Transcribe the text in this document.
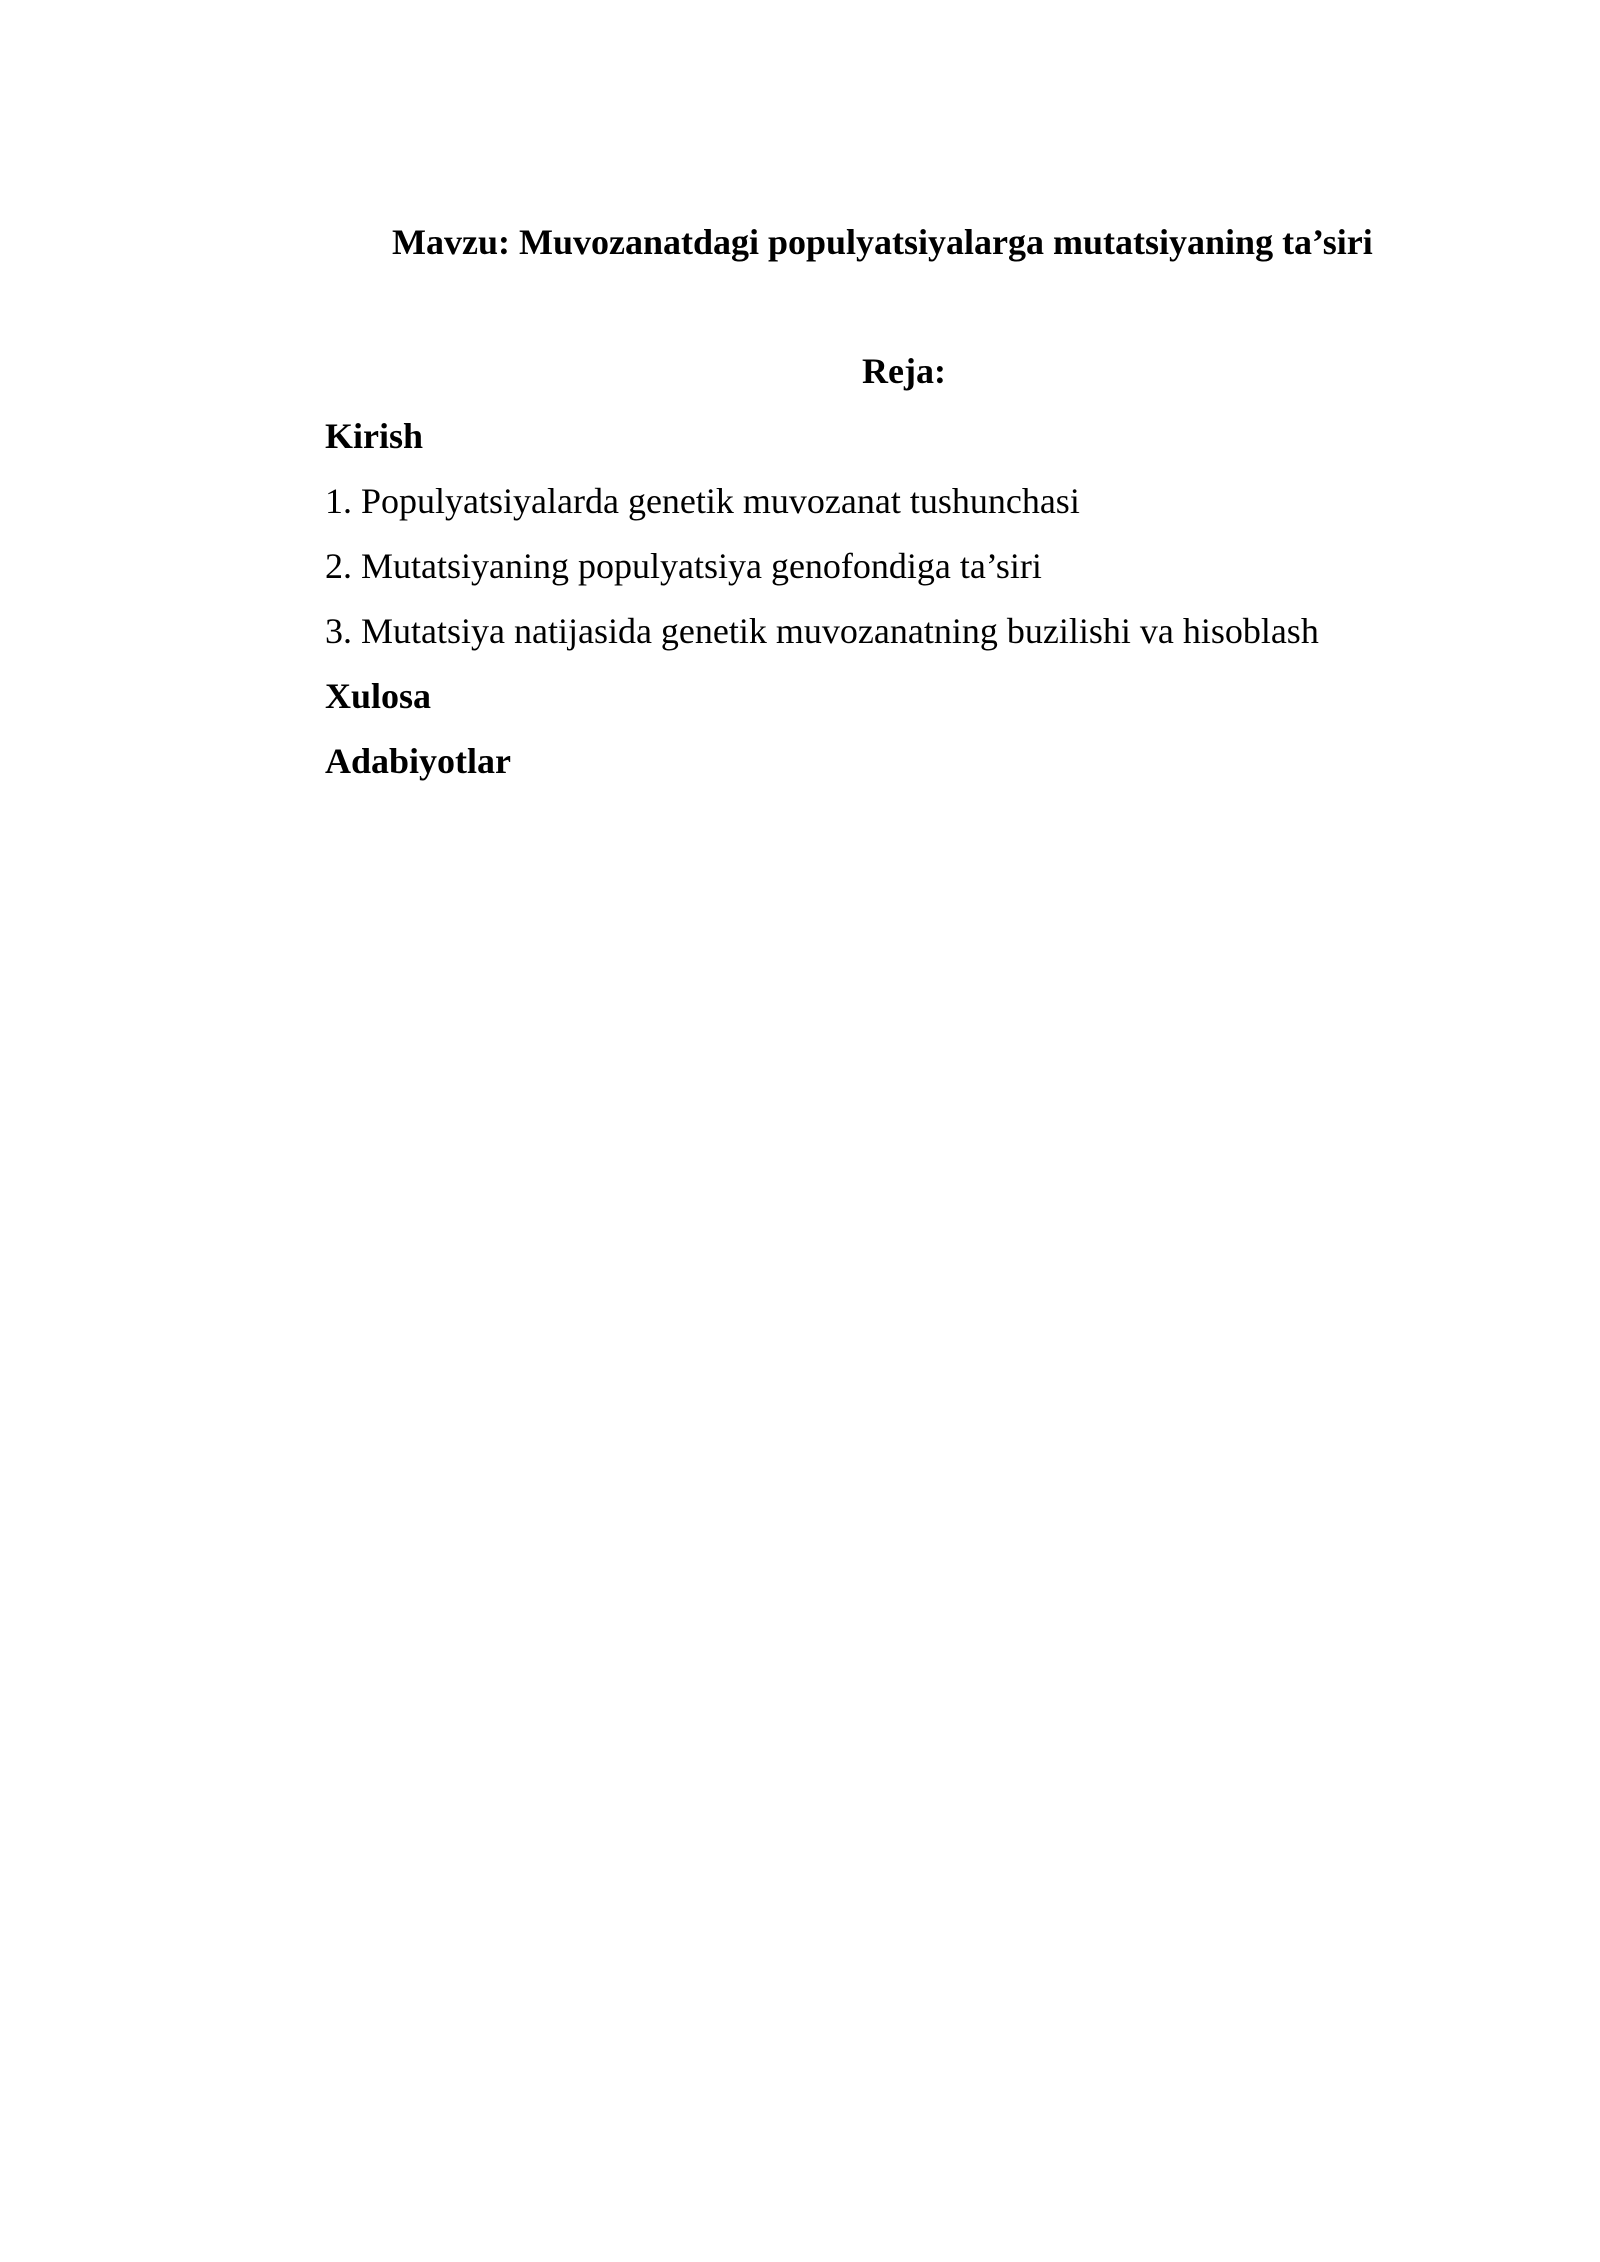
Mavzu: Muvozanatdagi populyatsiyalarga mutatsiyaning ta’siri
Reja:
Kirish
1. Populyatsiyalarda genetik muvozanat tushunchasi
2. Mutatsiyaning populyatsiya genofondiga ta’siri
3. Mutatsiya natijasida genetik muvozanatning buzilishi va hisoblash
Xulosa
Adabiyotlar
